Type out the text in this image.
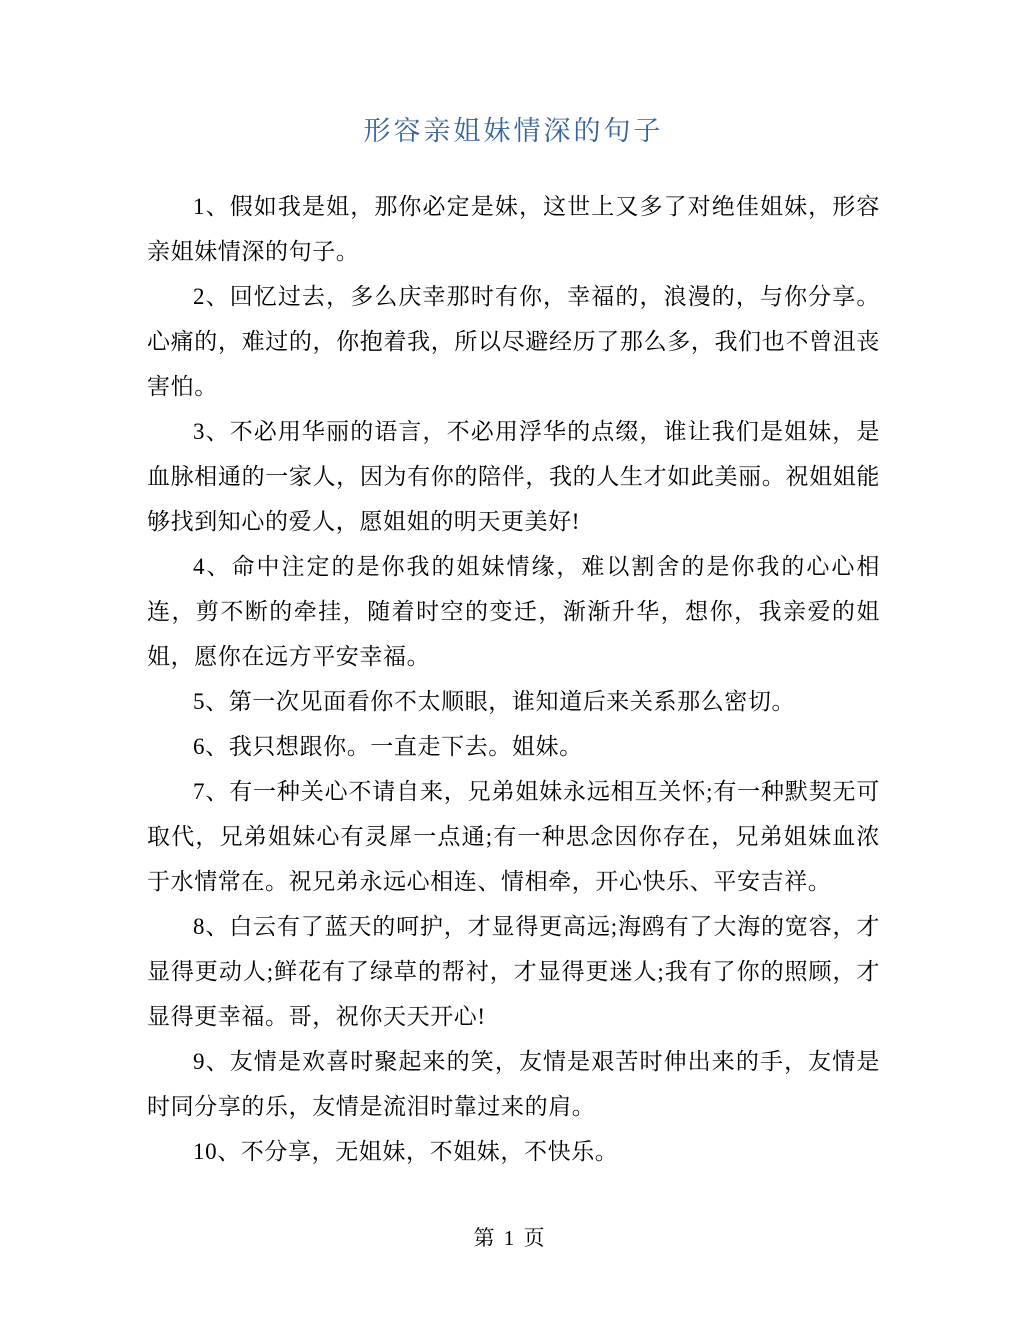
形容亲姐妹情深的句子

1、假如我是姐，那你必定是妹，这世上又多了对绝佳姐妹，形容亲姐妹情深的句子。

2、回忆过去，多么庆幸那时有你，幸福的，浪漫的，与你分享。心痛的，难过的，你抱着我，所以尽避经历了那么多，我们也不曾沮丧害怕。

3、不必用华丽的语言，不必用浮华的点缀，谁让我们是姐妹，是血脉相通的一家人，因为有你的陪伴，我的人生才如此美丽。祝姐姐能够找到知心的爱人，愿姐姐的明天更美好!

4、命中注定的是你我的姐妹情缘，难以割舍的是你我的心心相连，剪不断的牵挂，随着时空的变迁，渐渐升华，想你，我亲爱的姐姐，愿你在远方平安幸福。

5、第一次见面看你不太顺眼，谁知道后来关系那么密切。

6、我只想跟你。一直走下去。姐妹。

7、有一种关心不请自来，兄弟姐妹永远相互关怀;有一种默契无可取代，兄弟姐妹心有灵犀一点通;有一种思念因你存在，兄弟姐妹血浓于水情常在。祝兄弟永远心相连、情相牵，开心快乐、平安吉祥。

8、白云有了蓝天的呵护，才显得更高远;海鸥有了大海的宽容，才显得更动人;鲜花有了绿草的帮衬，才显得更迷人;我有了你的照顾，才显得更幸福。哥，祝你天天开心!

9、友情是欢喜时聚起来的笑，友情是艰苦时伸出来的手，友情是时同分享的乐，友情是流泪时靠过来的肩。

10、不分享，无姐妹，不姐妹，不快乐。

第 1 页
